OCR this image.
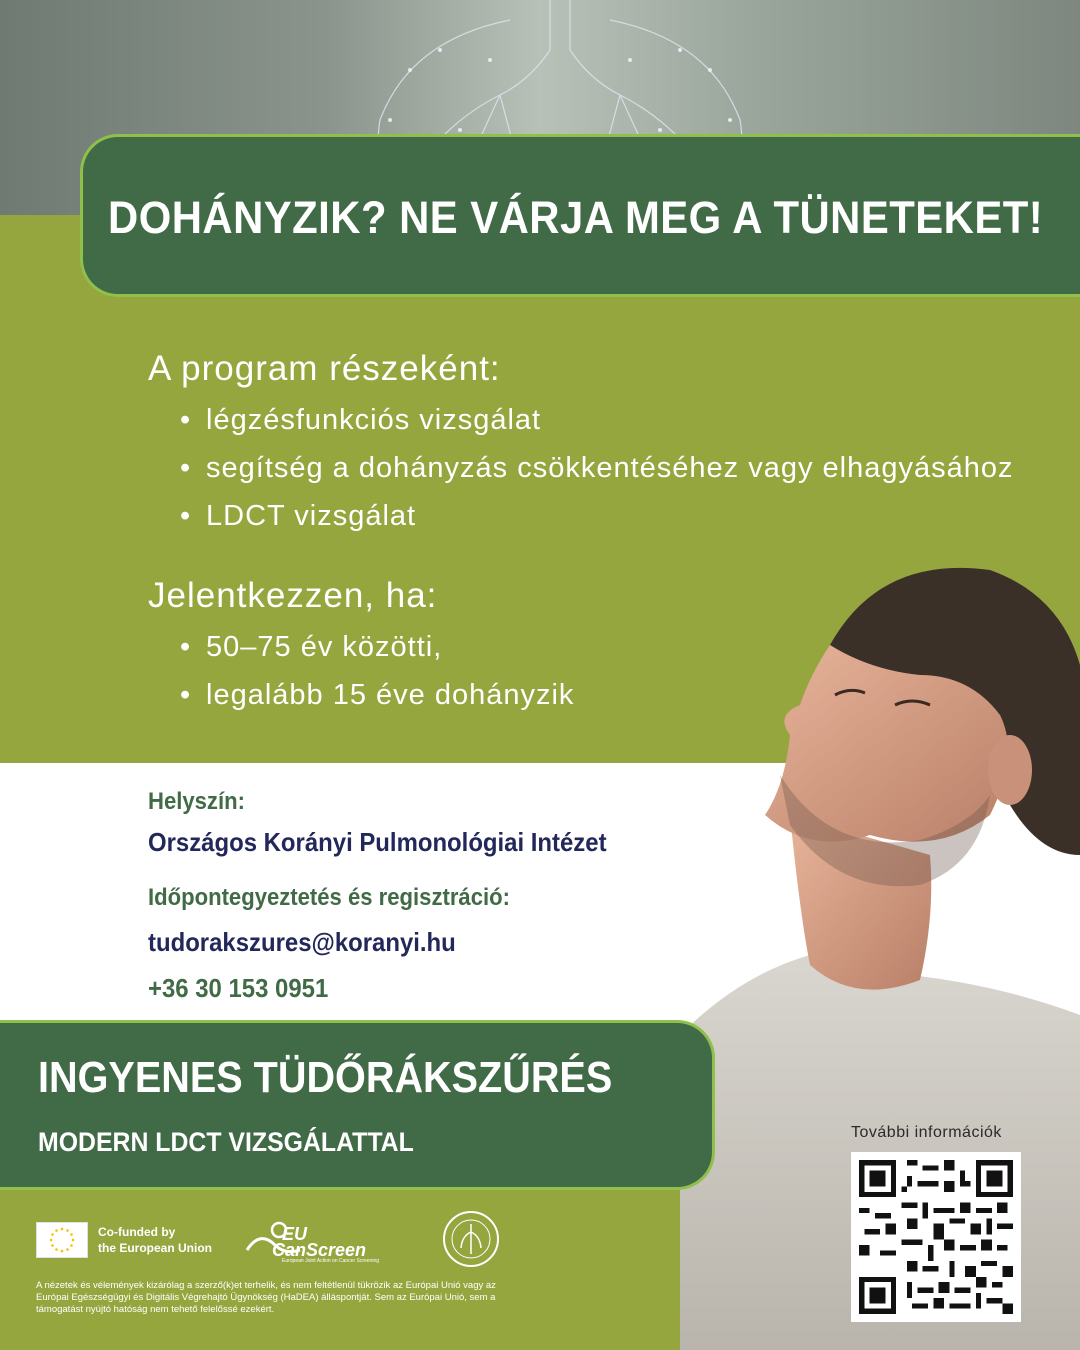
DOHÁNYZIK? NE VÁRJA MEG A TÜNETEKET!
A program részeként:
• légzésfunkciós vizsgálat
• segítség a dohányzás csökkentéséhez vagy elhagyásához
• LDCT vizsgálat
Jelentkezzen, ha:
• 50–75 év közötti,
• legalább 15 éve dohányzik
Helyszín:
Országos Korányi Pulmonológiai Intézet
Időpontegyeztetés és regisztráció:
tudorakszures@koranyi.hu
+36 30 153 0951
INGYENES TÜDŐRÁKSZŰRÉS
MODERN LDCT VIZSGÁLATTAL	További információk
Co-funded by
the European Union
EU
CanScreen
European Joint Action on Cancer Screening
A nézetek és vélemények kizárólag a szerző(k)et terhelik, és nem feltétlenül tükrözik az Európai Unió vagy az Európai Egészségügyi és Digitális Végrehajtó Ügynökség (HaDEA) álláspontját. Sem az Európai Unió, sem a támogatást nyújtó hatóság nem tehető felelőssé ezekért.
